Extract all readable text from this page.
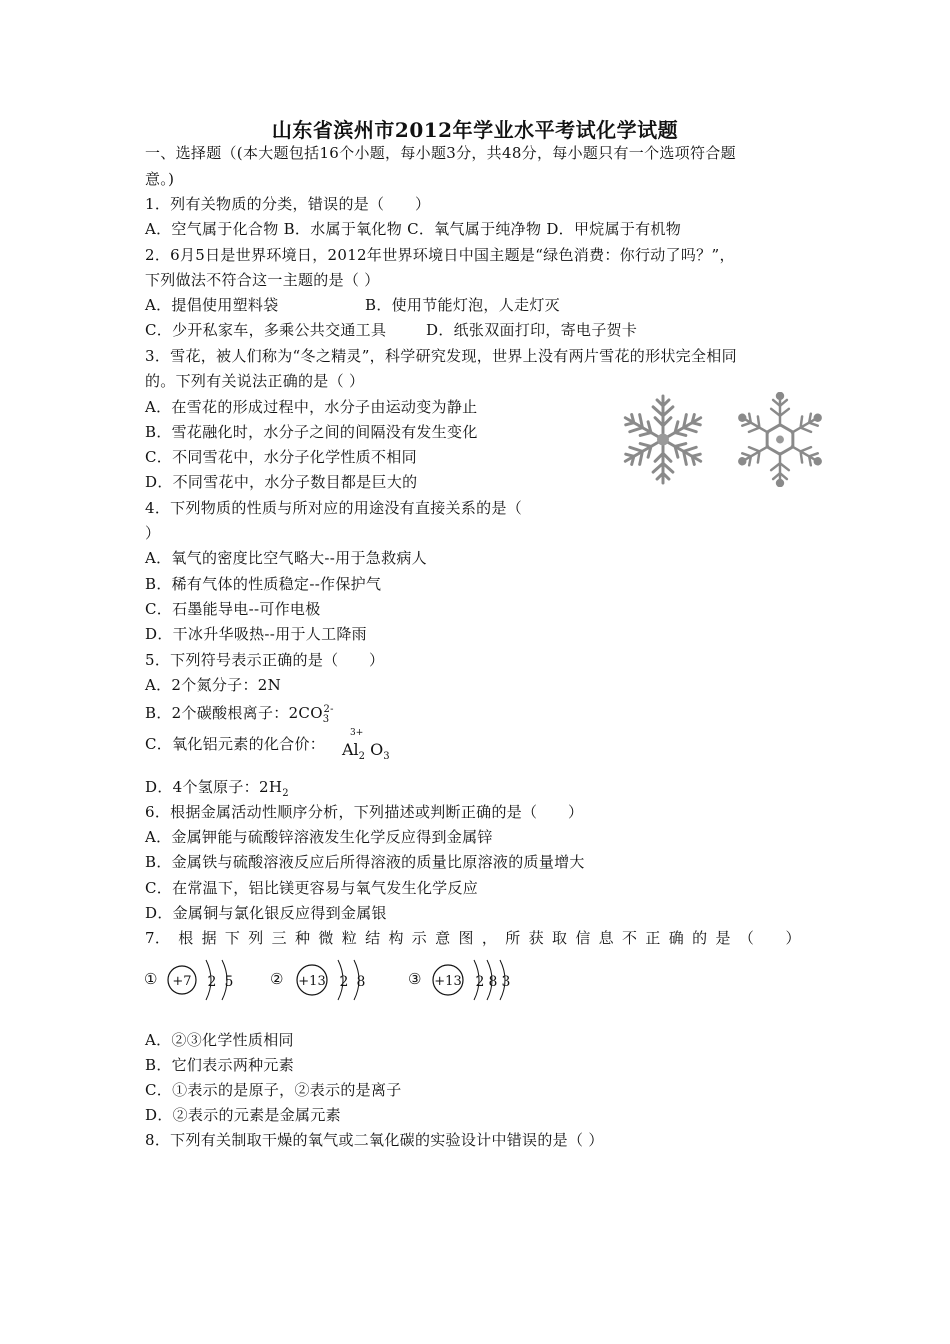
山东省滨州市2012年学业水平考试化学试题
一、选择题（(本大题包括16个小题，每小题3分，共48分，每小题只有一个选项符合题
意。)
1．列有关物质的分类，错误的是（　　）
A．空气属于化合物 B．水属于氧化物 C．氧气属于纯净物 D．甲烷属于有机物
2．6月5日是世界环境日，2012年世界环境日中国主题是“绿色消费：你行动了吗？”，
下列做法不符合这一主题的是（ ）
A．提倡使用塑料袋	B．使用节能灯泡，人走灯灭
C．少开私家车，多乘公共交通工具	D．纸张双面打印，寄电子贺卡
3．雪花，被人们称为“冬之精灵”，科学研究发现，世界上没有两片雪花的形状完全相同
的。下列有关说法正确的是（ ）
A．在雪花的形成过程中，水分子由运动变为静止
B．雪花融化时，水分子之间的间隔没有发生变化
C．不同雪花中，水分子化学性质不相同
D．不同雪花中，水分子数目都是巨大的
4．下列物质的性质与所对应的用途没有直接关系的是（
）
A．氧气的密度比空气略大--用于急救病人
B．稀有气体的性质稳定--作保护气
C．石墨能导电--可作电极
D．干冰升华吸热--用于人工降雨
5．下列符号表示正确的是（　　）
A．2个氮分子：2N
B．2个碳酸根离子：$2CO_3^{2-}$
C．氧化铝元素的化合价：
3+
$Al_2$ $O_3$
D．4个氢原子：$2H_2$
6．根据金属活动性顺序分析，下列描述或判断正确的是（　　）
A．金属钾能与硫酸锌溶液发生化学反应得到金属锌
B．金属铁与硫酸溶液反应后所得溶液的质量比原溶液的质量增大
C．在常温下，铝比镁更容易与氧气发生化学反应
D．金属铜与氯化银反应得到金属银
7． 根 据 下 列 三 种 微 粒 结 构 示 意 图 ， 所 获 取 信 息 不 正 确 的 是 （
　 ）
① +7 2 5 ② +13 2 8	③ +13 2 8 3
A．②③化学性质相同
B．它们表示两种元素
C．①表示的是原子，②表示的是离子
D．②表示的元素是金属元素
8．下列有关制取干燥的氧气或二氧化碳的实验设计中错误的是（ ）
